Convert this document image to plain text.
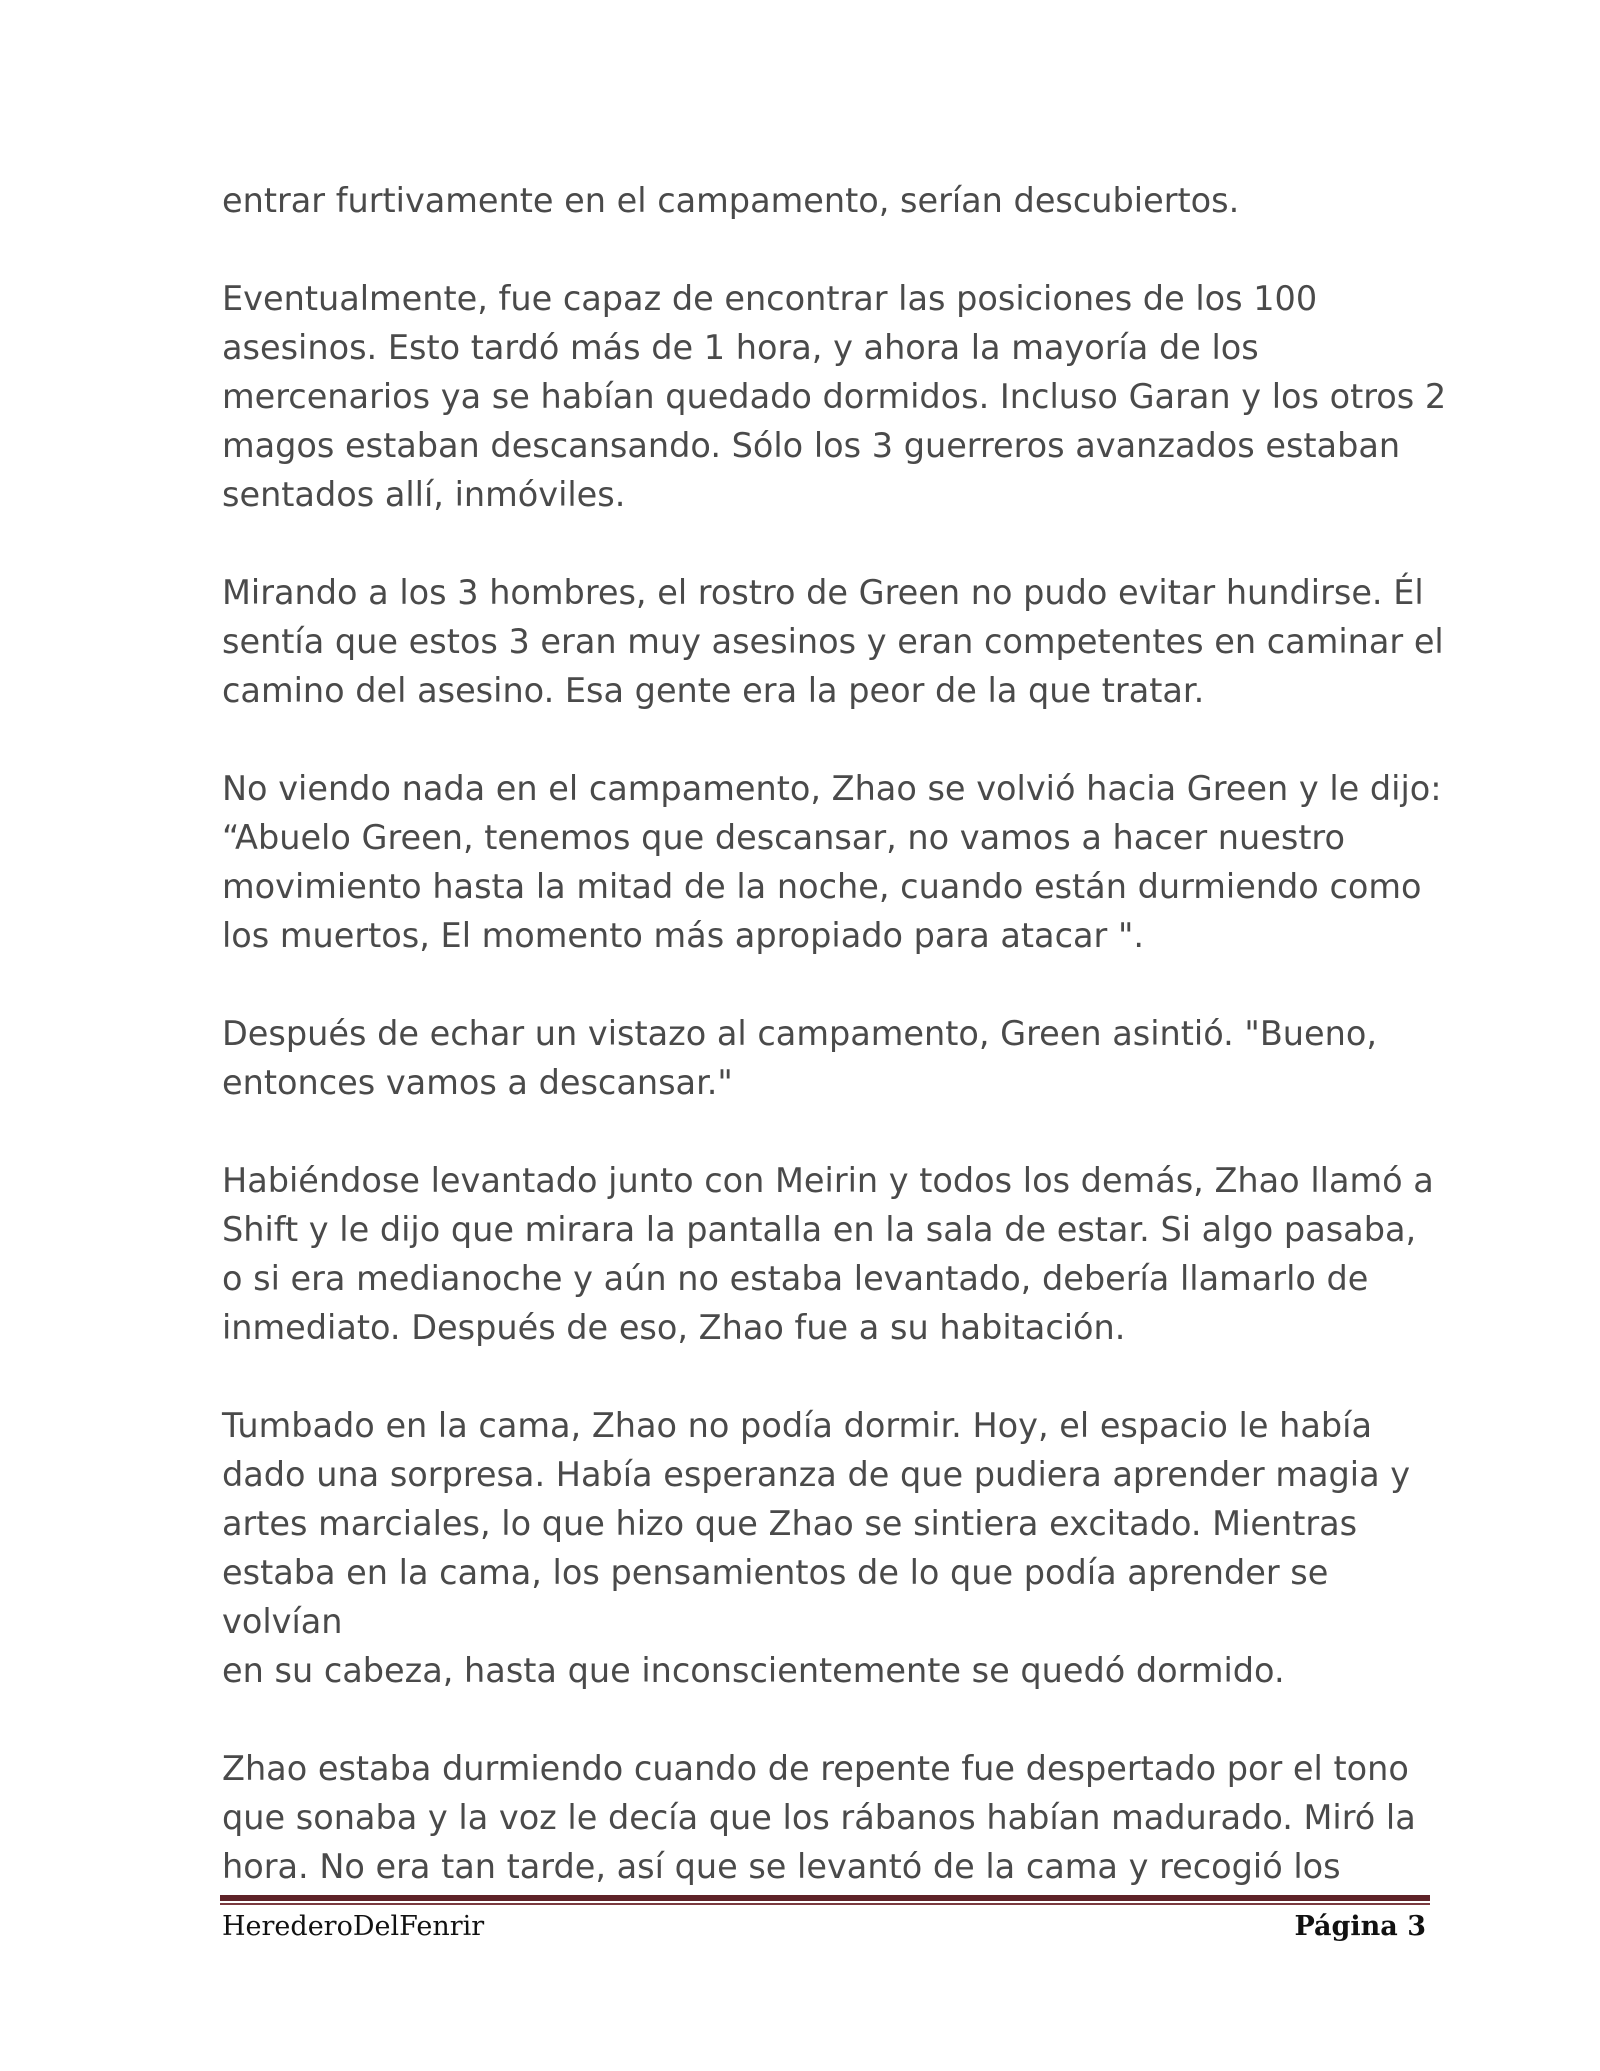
entrar furtivamente en el campamento, serían descubiertos.

Eventualmente, fue capaz de encontrar las posiciones de los 100
asesinos. Esto tardó más de 1 hora, y ahora la mayoría de los
mercenarios ya se habían quedado dormidos. Incluso Garan y los otros 2
magos estaban descansando. Sólo los 3 guerreros avanzados estaban
sentados allí, inmóviles.

Mirando a los 3 hombres, el rostro de Green no pudo evitar hundirse. Él
sentía que estos 3 eran muy asesinos y eran competentes en caminar el
camino del asesino. Esa gente era la peor de la que tratar.

No viendo nada en el campamento, Zhao se volvió hacia Green y le dijo:
“Abuelo Green, tenemos que descansar, no vamos a hacer nuestro
movimiento hasta la mitad de la noche, cuando están durmiendo como
los muertos, El momento más apropiado para atacar ".

Después de echar un vistazo al campamento, Green asintió. "Bueno,
entonces vamos a descansar."

Habiéndose levantado junto con Meirin y todos los demás, Zhao llamó a
Shift y le dijo que mirara la pantalla en la sala de estar. Si algo pasaba,
o si era medianoche y aún no estaba levantado, debería llamarlo de
inmediato. Después de eso, Zhao fue a su habitación.

Tumbado en la cama, Zhao no podía dormir. Hoy, el espacio le había
dado una sorpresa. Había esperanza de que pudiera aprender magia y
artes marciales, lo que hizo que Zhao se sintiera excitado. Mientras
estaba en la cama, los pensamientos de lo que podía aprender se volvían
en su cabeza, hasta que inconscientemente se quedó dormido.

Zhao estaba durmiendo cuando de repente fue despertado por el tono
que sonaba y la voz le decía que los rábanos habían madurado. Miró la
hora. No era tan tarde, así que se levantó de la cama y recogió los

HerederoDelFenrir	Página 3
